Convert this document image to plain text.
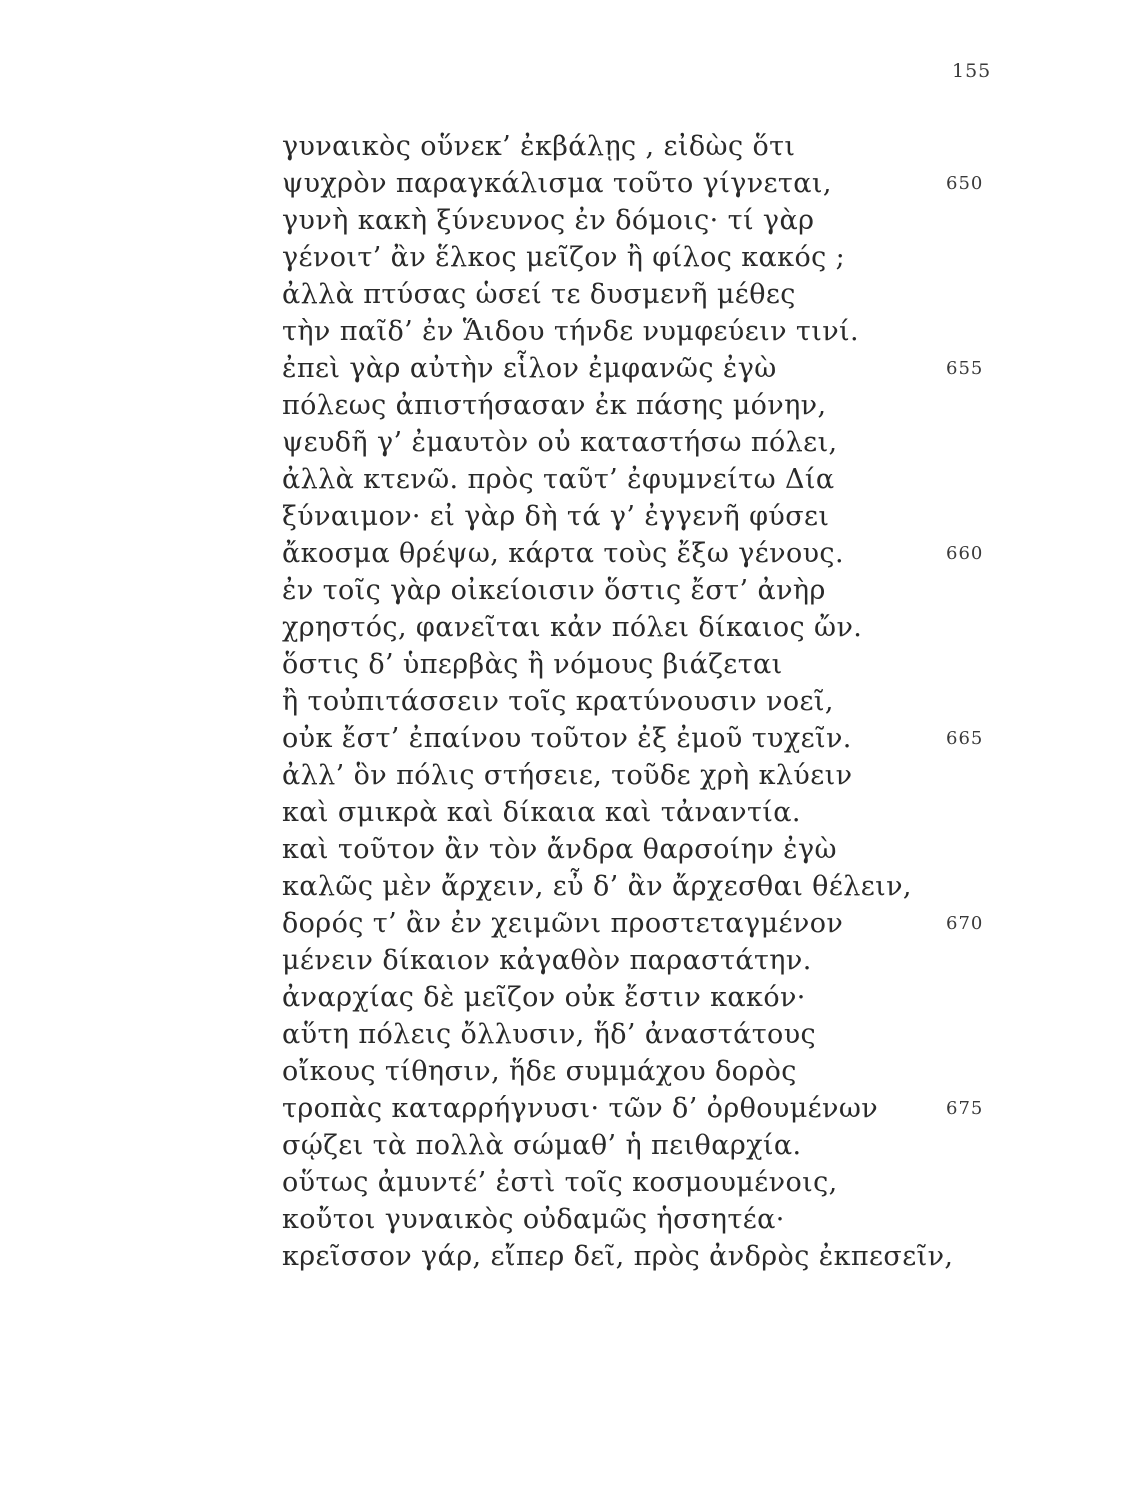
155
γυναικὸς οὕνεκ’ ἐκβάλῃς , εἰδὼς ὅτι
ψυχρὸν παραγκάλισμα τοῦτο γίγνεται,	650
γυνὴ κακὴ ξύνευνος ἐν δόμοις· τί γὰρ
γένοιτ’ ἂν ἕλκος μεῖζον ἢ φίλος κακός ;
ἀλλὰ πτύσας ὡσεί τε δυσμενῆ μέθες
τὴν παῖδ’ ἐν Ἅιδου τήνδε νυμφεύειν τινί.
ἐπεὶ γὰρ αὐτὴν εἷλον ἐμφανῶς ἐγὼ	655
πόλεως ἀπιστήσασαν ἐκ πάσης μόνην,
ψευδῆ γ’ ἐμαυτὸν οὐ καταστήσω πόλει,
ἀλλὰ κτενῶ. πρὸς ταῦτ’ ἐφυμνείτω Δία
ξύναιμον· εἰ γὰρ δὴ τά γ’ ἐγγενῆ φύσει
ἄκοσμα θρέψω, κάρτα τοὺς ἔξω γένους.	660
ἐν τοῖς γὰρ οἰκείοισιν ὅστις ἔστ’ ἀνὴρ
χρηστός, φανεῖται κἀν πόλει δίκαιος ὤν.
ὅστις δ’ ὑπερβὰς ἢ νόμους βιάζεται
ἢ τοὐπιτάσσειν τοῖς κρατύνουσιν νοεῖ,
οὐκ ἔστ’ ἐπαίνου τοῦτον ἐξ ἐμοῦ τυχεῖν.	665
ἀλλ’ ὃν πόλις στήσειε, τοῦδε χρὴ κλύειν
καὶ σμικρὰ καὶ δίκαια καὶ τἀναντία.
καὶ τοῦτον ἂν τὸν ἄνδρα θαρσοίην ἐγὼ
καλῶς μὲν ἄρχειν, εὖ δ’ ἂν ἄρχεσθαι θέλειν,
δορός τ’ ἂν ἐν χειμῶνι προστεταγμένον	670
μένειν δίκαιον κἀγαθὸν παραστάτην.
ἀναρχίας δὲ μεῖζον οὐκ ἔστιν κακόν·
αὕτη πόλεις ὄλλυσιν, ἥδ’ ἀναστάτους
οἴκους τίθησιν, ἥδε συμμάχου δορὸς
τροπὰς καταρρήγνυσι· τῶν δ’ ὀρθουμένων	675
σῴζει τὰ πολλὰ σώμαθ’ ἡ πειθαρχία.
οὕτως ἀμυντέ’ ἐστὶ τοῖς κοσμουμένοις,
κοὔτοι γυναικὸς οὐδαμῶς ἡσσητέα·
κρεῖσσον γάρ, εἴπερ δεῖ, πρὸς ἀνδρὸς ἐκπεσεῖν,
